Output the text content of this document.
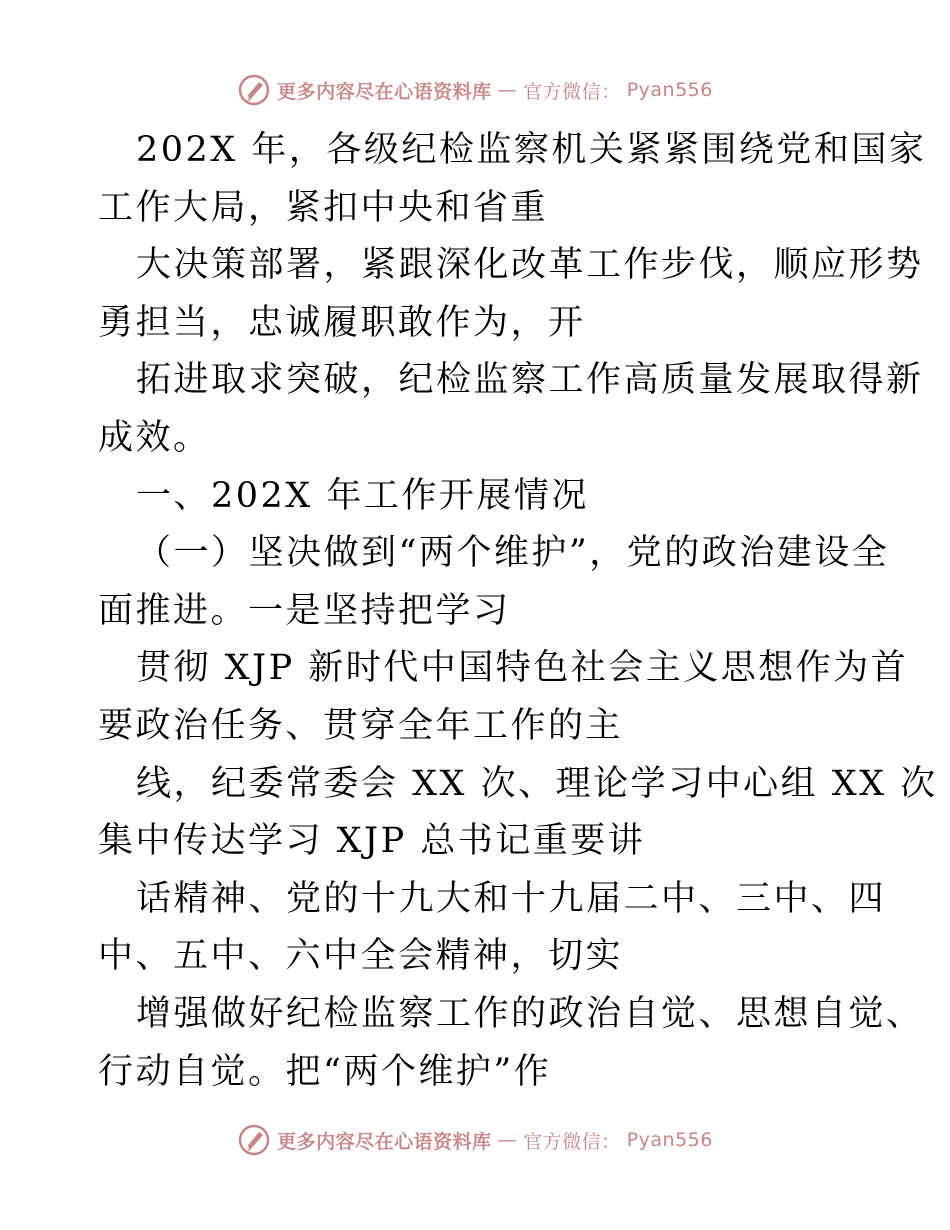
更多内容尽在心语资料库 — 官方微信： Pyan556
202X 年，各级纪检监察机关紧紧围绕党和国家
工作大局，紧扣中央和省重
大决策部署，紧跟深化改革工作步伐，顺应形势
勇担当，忠诚履职敢作为，开
拓进取求突破，纪检监察工作高质量发展取得新
成效。
一、202X 年工作开展情况
（一）坚决做到“两个维护”，党的政治建设全
面推进。一是坚持把学习
贯彻 XJP 新时代中国特色社会主义思想作为首
要政治任务、贯穿全年工作的主
线，纪委常委会 XX 次、理论学习中心组 XX 次
集中传达学习 XJP 总书记重要讲
话精神、党的十九大和十九届二中、三中、四
中、五中、六中全会精神，切实
增强做好纪检监察工作的政治自觉、思想自觉、
行动自觉。把“两个维护”作
更多内容尽在心语资料库 — 官方微信： Pyan556
